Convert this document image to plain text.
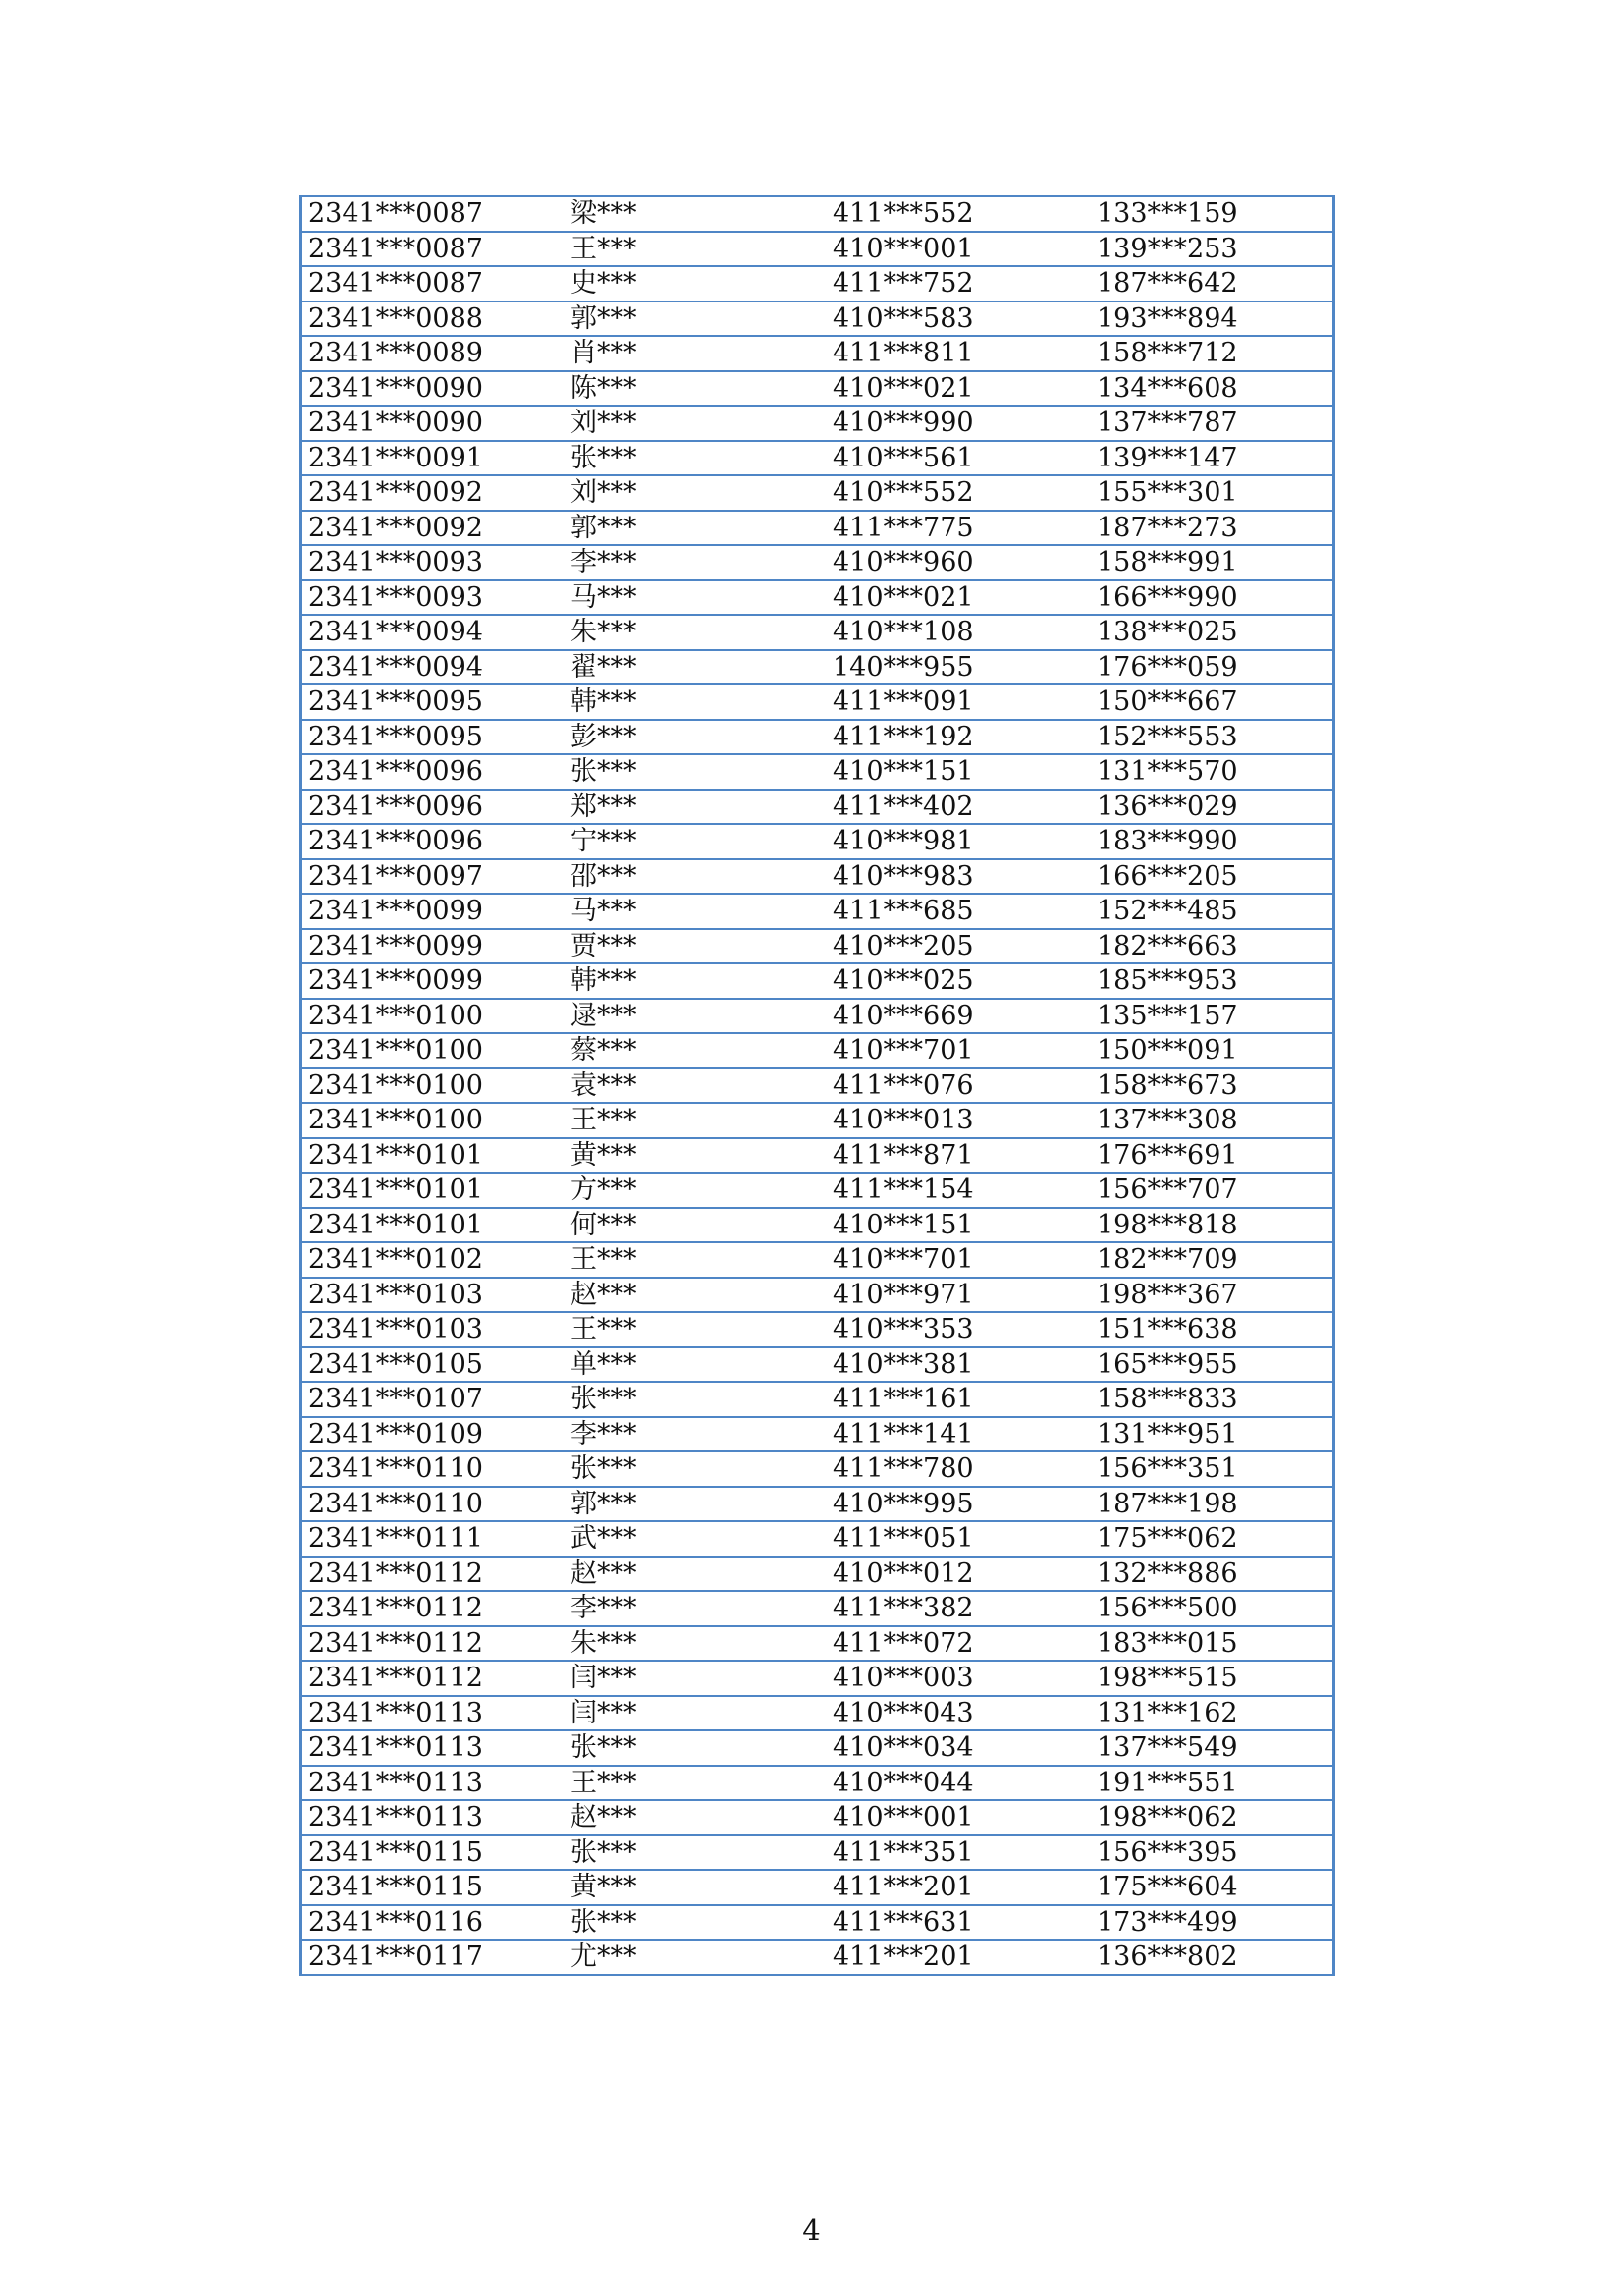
2341***0087	梁***	411***552	133***159
2341***0087	王***	410***001	139***253
2341***0087	史***	411***752	187***642
2341***0088	郭***	410***583	193***894
2341***0089	肖***	411***811	158***712
2341***0090	陈***	410***021	134***608
2341***0090	刘***	410***990	137***787
2341***0091	张***	410***561	139***147
2341***0092	刘***	410***552	155***301
2341***0092	郭***	411***775	187***273
2341***0093	李***	410***960	158***991
2341***0093	马***	410***021	166***990
2341***0094	朱***	410***108	138***025
2341***0094	翟***	140***955	176***059
2341***0095	韩***	411***091	150***667
2341***0095	彭***	411***192	152***553
2341***0096	张***	410***151	131***570
2341***0096	郑***	411***402	136***029
2341***0096	宁***	410***981	183***990
2341***0097	邵***	410***983	166***205
2341***0099	马***	411***685	152***485
2341***0099	贾***	410***205	182***663
2341***0099	韩***	410***025	185***953
2341***0100	逯***	410***669	135***157
2341***0100	蔡***	410***701	150***091
2341***0100	袁***	411***076	158***673
2341***0100	王***	410***013	137***308
2341***0101	黄***	411***871	176***691
2341***0101	方***	411***154	156***707
2341***0101	何***	410***151	198***818
2341***0102	王***	410***701	182***709
2341***0103	赵***	410***971	198***367
2341***0103	王***	410***353	151***638
2341***0105	单***	410***381	165***955
2341***0107	张***	411***161	158***833
2341***0109	李***	411***141	131***951
2341***0110	张***	411***780	156***351
2341***0110	郭***	410***995	187***198
2341***0111	武***	411***051	175***062
2341***0112	赵***	410***012	132***886
2341***0112	李***	411***382	156***500
2341***0112	朱***	411***072	183***015
2341***0112	闫***	410***003	198***515
2341***0113	闫***	410***043	131***162
2341***0113	张***	410***034	137***549
2341***0113	王***	410***044	191***551
2341***0113	赵***	410***001	198***062
2341***0115	张***	411***351	156***395
2341***0115	黄***	411***201	175***604
2341***0116	张***	411***631	173***499
2341***0117	尤***	411***201	136***802
4
